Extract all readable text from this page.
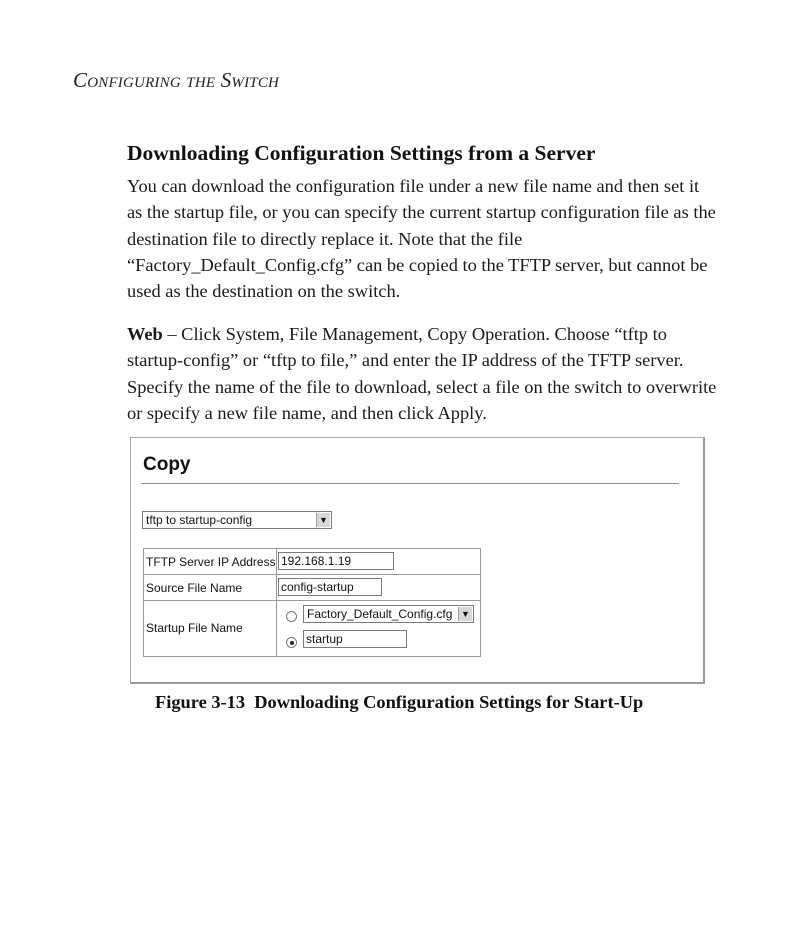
Configuring the Switch
Downloading Configuration Settings from a Server

You can download the configuration file under a new file name and then set it as the startup file, or you can specify the current startup configuration file as the destination file to directly replace it. Note that the file “Factory_Default_Config.cfg” can be copied to the TFTP server, but cannot be used as the destination on the switch.

Web – Click System, File Management, Copy Operation. Choose “tftp to startup-config” or “tftp to file,” and enter the IP address of the TFTP server. Specify the name of the file to download, select a file on the switch to overwrite or specify a new file name, and then click Apply.

Copy
tftp to startup-config	▼
TFTP Server IP Address 192.168.1.19
Source File Name	config-startup
Startup File Name
Factory_Default_Config.cfg ▼
startup

Figure 3-13  Downloading Configuration Settings for Start-Up
